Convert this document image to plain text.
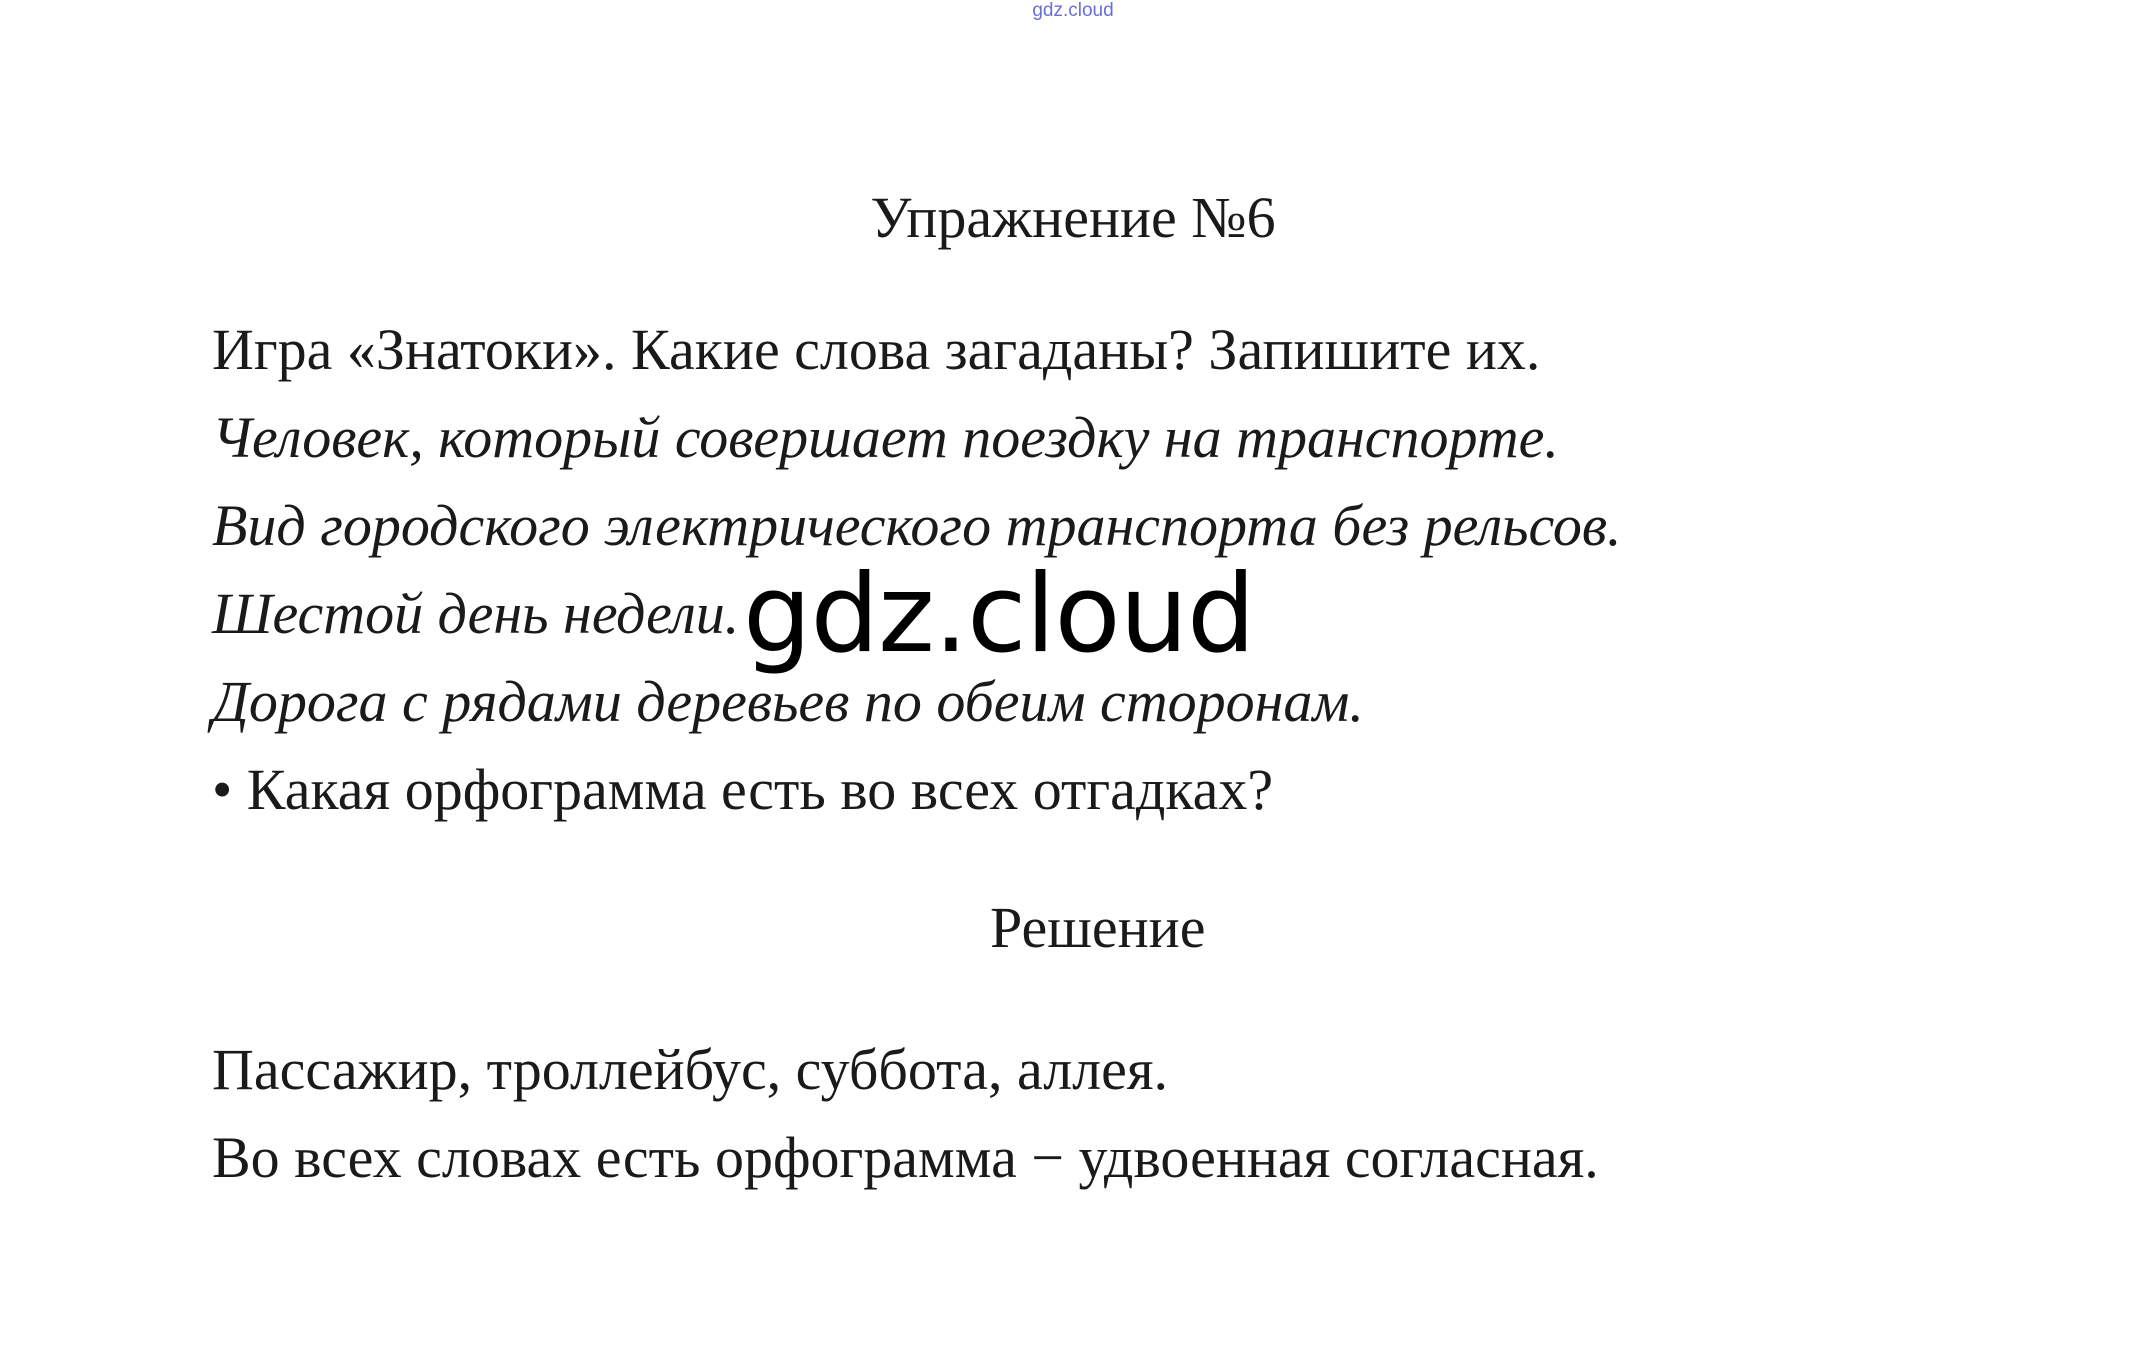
gdz.cloud
Упражнение №6
Игра «Знатоки». Какие слова загаданы? Запишите их.
Человек, который совершает поездку на транспорте.
Вид городского электрического транспорта без рельсов.
Шестой день недели.
Дорога с рядами деревьев по обеим сторонам.
• Какая орфограмма есть во всех отгадках?
Решение
Пассажир, троллейбус, суббота, аллея.
Во всех словах есть орфограмма − удвоенная согласная.
gdz.cloud
